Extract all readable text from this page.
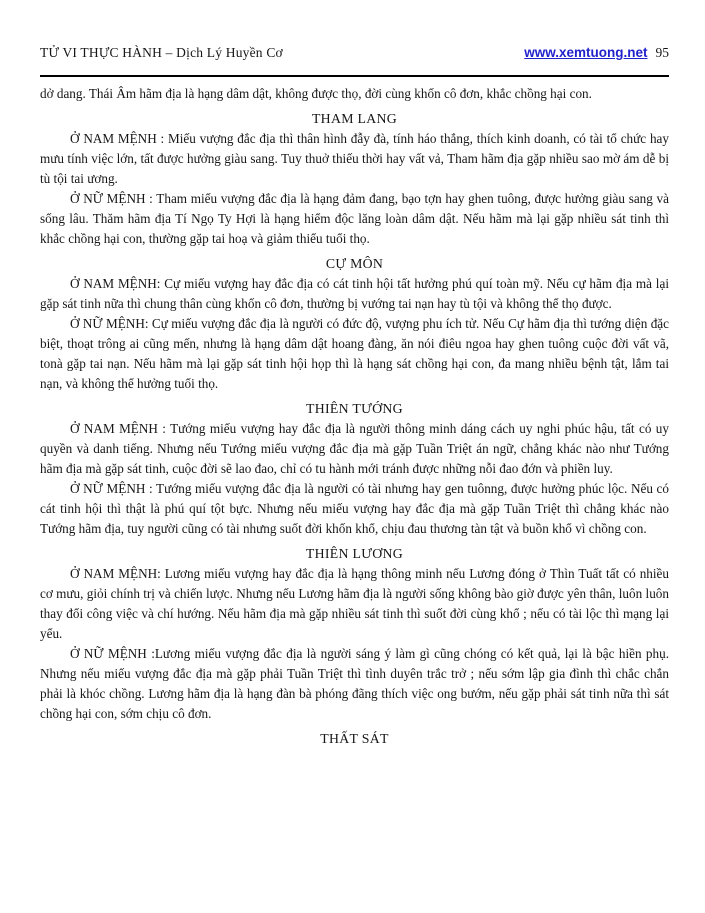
TỬ VI THỰC HÀNH – Dịch Lý Huyền Cơ	www.xemtuong.net 95

dở dang. Thái Âm hãm địa là hạng dâm dật, không được thọ, đời cùng khốn cô đơn, khắc chồng hại con.

THAM LANG

Ở NAM MỆNH : Miếu vượng đắc địa thì thân hình đẫy đà, tính háo thắng, thích kinh doanh, có tài tổ chức hay mưu tính việc lớn, tất được hưởng giàu sang. Tuy thuở thiếu thời hay vất vả, Tham hãm địa gặp nhiều sao mờ ám dễ bị tù tội tai ương.

Ở NỮ MỆNH : Tham miếu vượng đắc địa là hạng đảm đang, bạo tợn hay ghen tuông, được hưởng giàu sang và sống lâu. Thăm hãm địa Tí Ngọ Ty Hợi là hạng hiểm độc lăng loàn dâm dật. Nếu hãm mà lại gặp nhiều sát tinh thì khắc chồng hại con, thường gặp tai hoạ và giảm thiểu tuổi thọ.

CỰ MÔN

Ở NAM MỆNH: Cự miếu vượng hay đắc địa có cát tinh hội tất hưởng phú quí toàn mỹ. Nếu cự hãm địa mà lại gặp sát tinh nữa thì chung thân cùng khốn cô đơn, thường bị vướng tai nạn hay tù tội và không thể thọ được.

Ở NỮ MỆNH: Cự miếu vượng đắc địa là người có đức độ, vượng phu ích tử. Nếu Cự hãm địa thì tướng diện đặc biệt, thoạt trông ai cũng mến, nhưng là hạng dâm dật hoang đàng, ăn nói điêu ngoa hay ghen tuông cuộc đời vất vã, tonà gặp tai nạn. Nếu hãm mà lại gặp sát tinh hội họp thì là hạng sát chồng hại con, đa mang nhiều bệnh tật, lắm tai nạn, và không thể hưởng tuổi thọ.

THIÊN TƯỚNG

Ở NAM MỆNH : Tướng miếu vượng hay đắc địa là người thông minh dáng cách uy nghi phúc hậu, tất có uy quyền và danh tiếng. Nhưng nếu Tướng miếu vượng đắc địa mà gặp Tuần Triệt án ngữ, chẳng khác nào như Tướng hãm địa mà gặp sát tinh, cuộc đời sẽ lao đao, chỉ có tu hành mới tránh được những nỗi đao đớn và phiền luy.

Ở NỮ MỆNH : Tướng miếu vượng đắc địa là người có tài nhưng hay gen tuônng, được hưởng phúc lộc. Nếu có cát tinh hội thì thật là phú quí tột bực. Nhưng nếu miếu vượng hay đắc địa mà gặp Tuần Triệt thì chẳng khác nào Tướng hãm địa, tuy người cũng có tài nhưng suốt đời khốn khổ, chịu đau thương tàn tật và buồn khổ vì chồng con.

THIÊN LƯƠNG

Ở NAM MỆNH: Lương miếu vượng hay đắc địa là hạng thông minh nếu Lương đóng ở Thìn Tuất tất có nhiều cơ mưu, giỏi chính trị và chiến lược. Nhưng nếu Lương hãm địa là người sống không bào giờ được yên thân, luôn luôn thay đổi công việc và chí hướng. Nếu hãm địa mà gặp nhiều sát tinh thì suốt đời cùng khổ ; nếu có tài lộc thì mạng lại yểu.

Ở NỮ MỆNH :Lương miếu vượng đắc địa là người sáng ý làm gì cũng chóng có kết quả, lại là bậc hiền phụ. Nhưng nếu miếu vượng đắc địa mà gặp phải Tuần Triệt thì tình duyên trắc trở ; nếu sớm lập gia đình thì chắc chắn phải là khóc chồng. Lương hãm địa là hạng đàn bà phóng đãng thích việc ong bướm, nếu gặp phải sát tinh nữa thì sát chồng hại con, sớm chịu cô đơn.

THẤT SÁT
